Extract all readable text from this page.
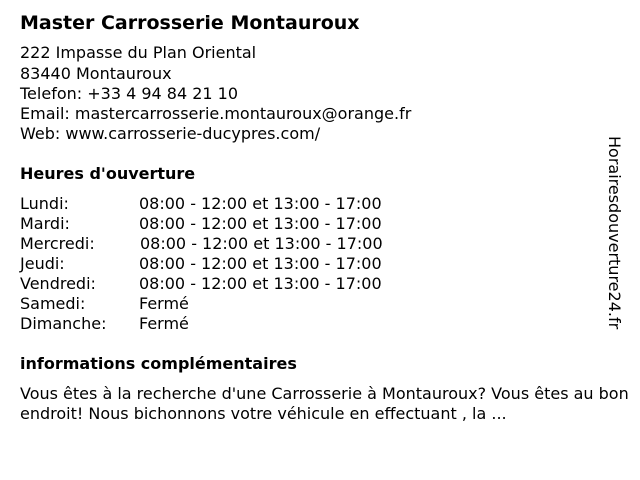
Master Carrosserie Montauroux
222 Impasse du Plan Oriental
83440 Montauroux
Telefon: +33 4 94 84 21 10
Email: mastercarrosserie.montauroux@orange.fr
Web: www.carrosserie-ducypres.com/
Heures d'ouverture
Lundi:	08:00 - 12:00 et 13:00 - 17:00
Mardi:	08:00 - 12:00 et 13:00 - 17:00
Mercredi:	08:00 - 12:00 et 13:00 - 17:00
Jeudi:	08:00 - 12:00 et 13:00 - 17:00
Vendredi:	08:00 - 12:00 et 13:00 - 17:00
Samedi:	Fermé
Dimanche: Fermé
informations complémentaires
Vous êtes à la recherche d'une Carrosserie à Montauroux? Vous êtes au bon endroit! Nous bichonnons votre véhicule en effectuant , la ...
Horairesdouverture24.fr
